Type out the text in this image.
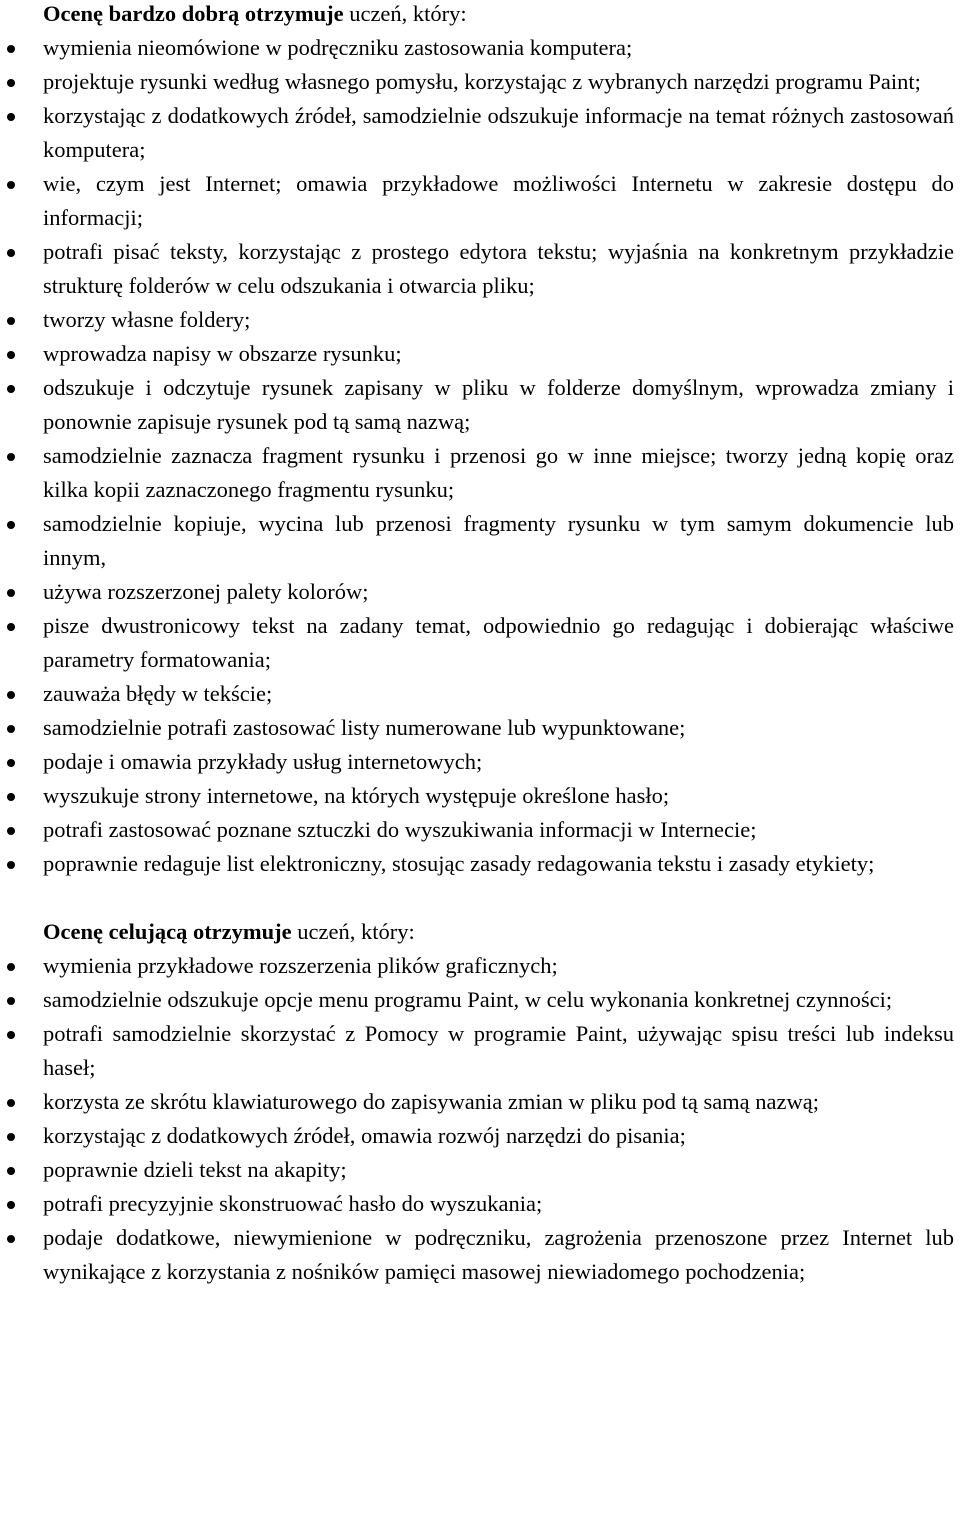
Ocenę bardzo dobrą otrzymuje uczeń, który:

wymienia nieomówione w podręczniku zastosowania komputera;
projektuje rysunki według własnego pomysłu, korzystając z wybranych narzędzi programu Paint;
korzystając z dodatkowych źródeł, samodzielnie odszukuje informacje na temat różnych zastosowań komputera;
wie, czym jest Internet; omawia przykładowe możliwości Internetu w zakresie dostępu do informacji;
potrafi pisać teksty, korzystając z prostego edytora tekstu; wyjaśnia na konkretnym przykładzie strukturę folderów w celu odszukania i otwarcia pliku;
tworzy własne foldery;
wprowadza napisy w obszarze rysunku;
odszukuje i odczytuje rysunek zapisany w pliku w folderze domyślnym, wprowadza zmiany i ponownie zapisuje rysunek pod tą samą nazwą;
samodzielnie zaznacza fragment rysunku i przenosi go w inne miejsce; tworzy jedną kopię oraz kilka kopii zaznaczonego fragmentu rysunku;
samodzielnie kopiuje, wycina lub przenosi fragmenty rysunku w tym samym dokumencie lub innym,
używa rozszerzonej palety kolorów;
pisze dwustronicowy tekst na zadany temat, odpowiednio go redagując i dobierając właściwe parametry formatowania;
zauważa błędy w tekście;
samodzielnie potrafi zastosować listy numerowane lub wypunktowane;
podaje i omawia przykłady usług internetowych;
wyszukuje strony internetowe, na których występuje określone hasło;
potrafi zastosować poznane sztuczki do wyszukiwania informacji w Internecie;
poprawnie redaguje list elektroniczny, stosując zasady redagowania tekstu i zasady etykiety;

Ocenę celującą otrzymuje uczeń, który:

wymienia przykładowe rozszerzenia plików graficznych;
samodzielnie odszukuje opcje menu programu Paint, w celu wykonania konkretnej czynności;
potrafi samodzielnie skorzystać z Pomocy w programie Paint, używając spisu treści lub indeksu haseł;
korzysta ze skrótu klawiaturowego do zapisywania zmian w pliku pod tą samą nazwą;
korzystając z dodatkowych źródeł, omawia rozwój narzędzi do pisania;
poprawnie dzieli tekst na akapity;
potrafi precyzyjnie skonstruować hasło do wyszukania;
podaje dodatkowe, niewymienione w podręczniku, zagrożenia przenoszone przez Internet lub wynikające z korzystania z nośników pamięci masowej niewiadomego pochodzenia;
